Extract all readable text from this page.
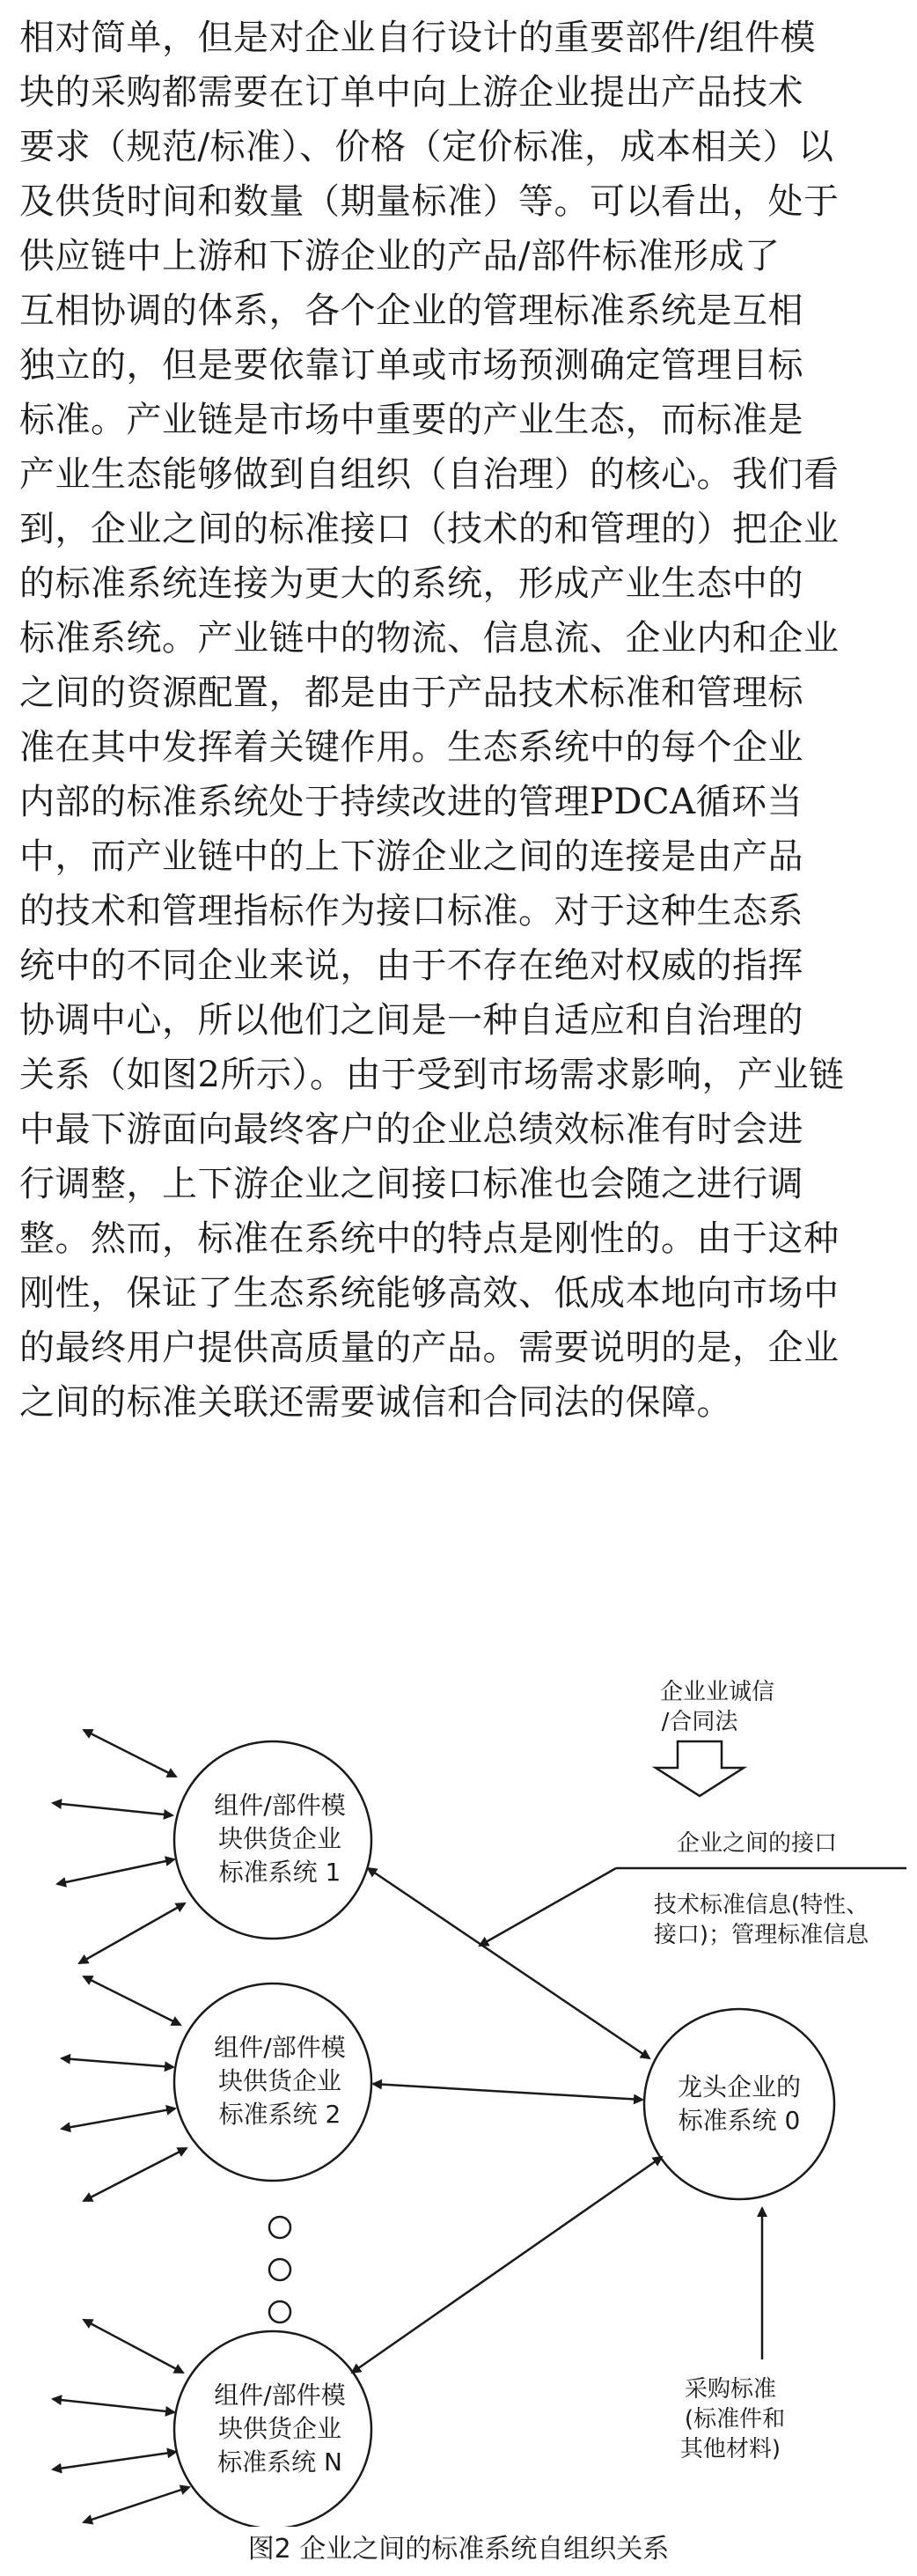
相对简单，但是对企业自行设计的重要部件/组件模
块的采购都需要在订单中向上游企业提出产品技术
要求（规范/标准）、价格（定价标准，成本相关）以
及供货时间和数量（期量标准）等。可以看出，处于
供应链中上游和下游企业的产品/部件标准形成了
互相协调的体系，各个企业的管理标准系统是互相
独立的，但是要依靠订单或市场预测确定管理目标
标准。产业链是市场中重要的产业生态，而标准是
产业生态能够做到自组织（自治理）的核心。我们看
到，企业之间的标准接口（技术的和管理的）把企业
的标准系统连接为更大的系统，形成产业生态中的
标准系统。产业链中的物流、信息流、企业内和企业
之间的资源配置，都是由于产品技术标准和管理标
准在其中发挥着关键作用。生态系统中的每个企业
内部的标准系统处于持续改进的管理PDCA循环当
中，而产业链中的上下游企业之间的连接是由产品
的技术和管理指标作为接口标准。对于这种生态系
统中的不同企业来说，由于不存在绝对权威的指挥
协调中心，所以他们之间是一种自适应和自治理的
关系（如图2所示）。由于受到市场需求影响，产业链
中最下游面向最终客户的企业总绩效标准有时会进
行调整，上下游企业之间接口标准也会随之进行调
整。然而，标准在系统中的特点是刚性的。由于这种
刚性，保证了生态系统能够高效、低成本地向市场中
的最终用户提供高质量的产品。需要说明的是，企业
之间的标准关联还需要诚信和合同法的保障。
组件/部件模
块供货企业
标准系统 1
组件/部件模
块供货企业
标准系统 2
组件/部件模
块供货企业
标准系统 N
龙头企业的
标准系统 0
企业业诚信
/合同法
企业之间的接口
技术标准信息(特性、
接口)；管理标准信息
采购标准
(标准件和
其他材料)
图2 企业之间的标准系统自组织关系
